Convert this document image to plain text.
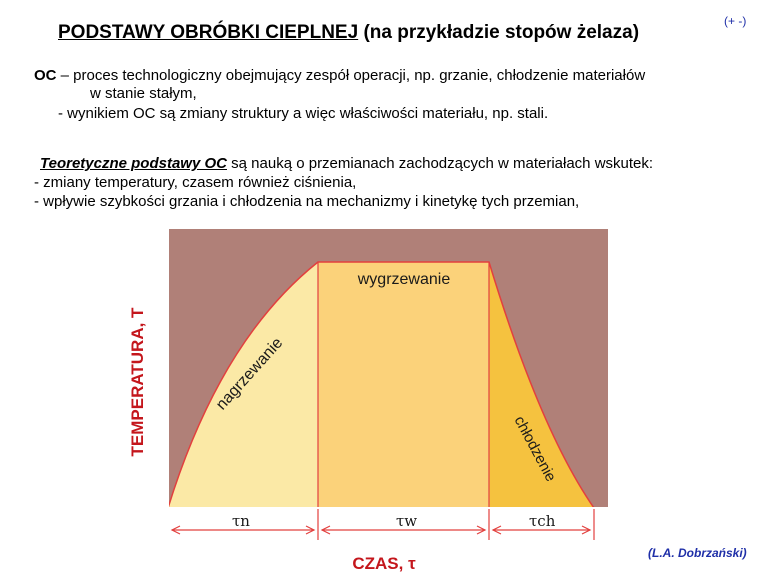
PODSTAWY OBRÓBKI CIEPLNEJ (na przykładzie stopów żelaza)
(+ -)
OC – proces technologiczny obejmujący zespół operacji, np. grzanie, chłodzenie materiałów
w stanie stałym,
- wynikiem OC są zmiany struktury a więc właściwości materiału, np. stali.
Teoretyczne podstawy OC są nauką o przemianach zachodzących w materiałach wskutek:
- zmiany temperatury, czasem również ciśnienia,
- wpływie szybkości grzania i chłodzenia na mechanizmy i kinetykę tych przemian,
nagrzewanie
wygrzewanie
chłodzenie
τn	τw	τch
TEMPERATURA, T
CZAS, τ
(L.A. Dobrzański)
